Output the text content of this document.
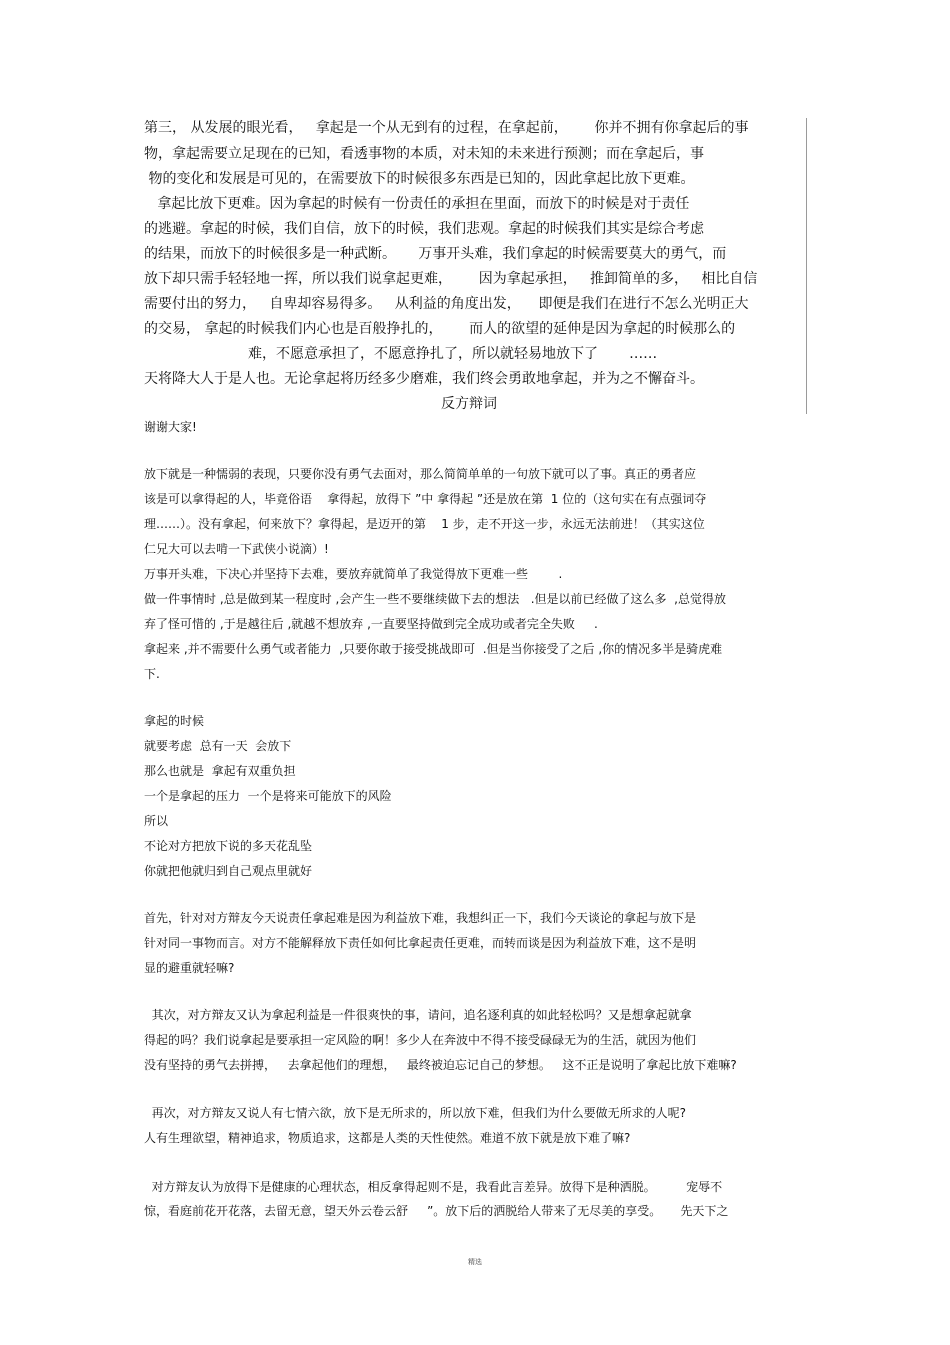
第三， 从发展的眼光看，   拿起是一个从无到有的过程，在拿起前，      你并不拥有你拿起后的事
物，拿起需要立足现在的已知，看透事物的本质，对未知的未来进行预测；而在拿起后，事
物的变化和发展是可见的，在需要放下的时候很多东西是已知的，因此拿起比放下更难。
拿起比放下更难。因为拿起的时候有一份责任的承担在里面，而放下的时候是对于责任
的逃避。拿起的时候，我们自信，放下的时候，我们悲观。拿起的时候我们其实是综合考虑
的结果，而放下的时候很多是一种武断。     万事开头难，我们拿起的时候需要莫大的勇气，而
放下却只需手轻轻地一挥，所以我们说拿起更难，      因为拿起承担，   推卸简单的多，   相比自信
需要付出的努力，   自卑却容易得多。   从利益的角度出发，    即便是我们在进行不怎么光明正大
的交易， 拿起的时候我们内心也是百般挣扎的，      而人的欲望的延伸是因为拿起的时候那么的
难，不愿意承担了，不愿意挣扎了，所以就轻易地放下了       ……
天将降大人于是人也。无论拿起将历经多少磨难，我们终会勇敢地拿起，并为之不懈奋斗。
反方辩词
谢谢大家!
放下就是一种懦弱的表现，只要你没有勇气去面对，那么简简单单的一句放下就可以了事。真正的勇者应
该是可以拿得起的人，毕竟俗语    拿得起，放得下 ”中 拿得起 ”还是放在第  1 位的（这句实在有点强词夺
理……）。没有拿起，何来放下？拿得起，是迈开的第    1 步，走不开这一步，永远无法前进！（其实这位
仁兄大可以去啃一下武侠小说滴）!
万事开头难，下决心并坚持下去难，要放弃就简单了我觉得放下更难一些        .
做一件事情时 ,总是做到某一程度时 ,会产生一些不要继续做下去的想法   .但是以前已经做了这么多  ,总觉得放
弃了怪可惜的 ,于是越往后 ,就越不想放弃 ,一直要坚持做到完全成功或者完全失败     .
拿起来 ,并不需要什么勇气或者能力  ,只要你敢于接受挑战即可  .但是当你接受了之后 ,你的情况多半是骑虎难
下.
拿起的时候
就要考虑  总有一天  会放下
那么也就是  拿起有双重负担
一个是拿起的压力  一个是将来可能放下的风险
所以
不论对方把放下说的多天花乱坠
你就把他就归到自己观点里就好
首先，针对对方辩友今天说责任拿起难是因为利益放下难，我想纠正一下，我们今天谈论的拿起与放下是
针对同一事物而言。对方不能解释放下责任如何比拿起责任更难，而转而谈是因为利益放下难，这不是明
显的避重就轻嘛?
其次，对方辩友又认为拿起利益是一件很爽快的事，请问，追名逐利真的如此轻松吗？又是想拿起就拿
得起的吗？我们说拿起是要承担一定风险的啊！多少人在奔波中不得不接受碌碌无为的生活，就因为他们
没有坚持的勇气去拼搏，   去拿起他们的理想，   最终被迫忘记自己的梦想。   这不正是说明了拿起比放下难嘛?
再次，对方辩友又说人有七情六欲，放下是无所求的，所以放下难，但我们为什么要做无所求的人呢?
人有生理欲望，精神追求，物质追求，这都是人类的天性使然。难道不放下就是放下难了嘛?
对方辩友认为放得下是健康的心理状态，相反拿得起则不是，我看此言差异。放得下是种洒脱。        宠辱不
惊，看庭前花开花落，去留无意，望天外云卷云舒     ”。放下后的洒脱给人带来了无尽美的享受。     先天下之
精选
